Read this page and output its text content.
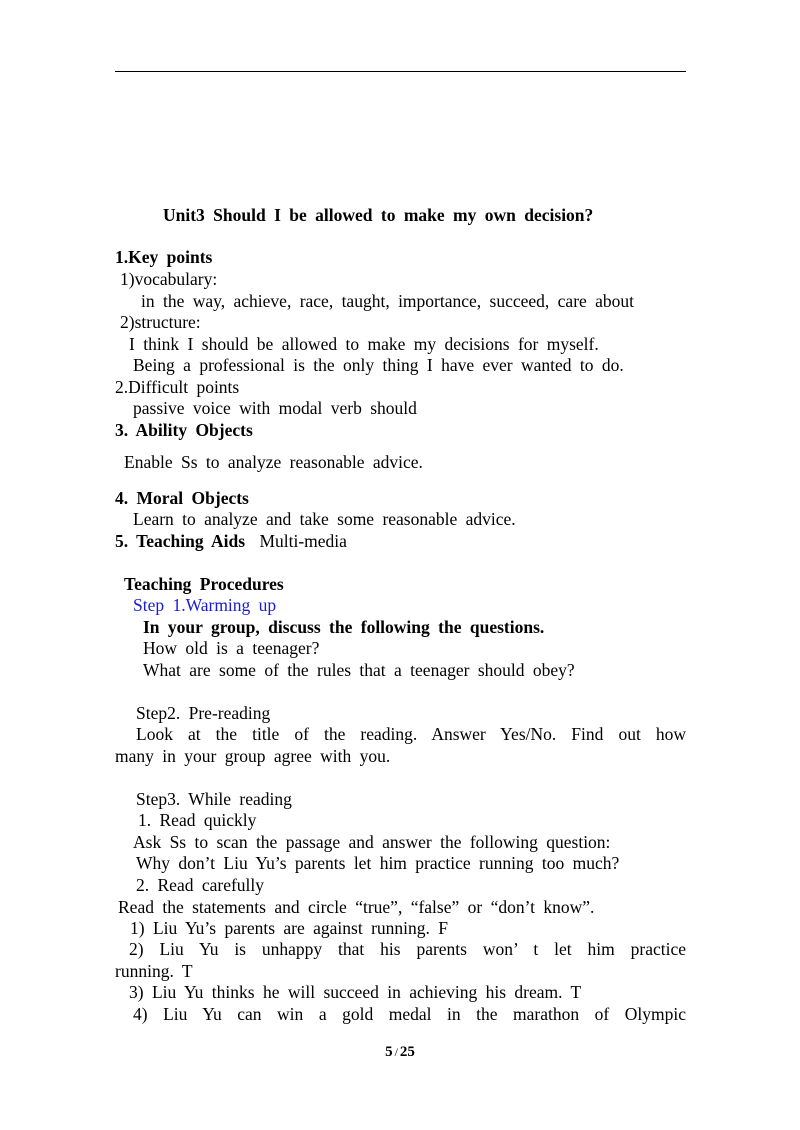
Unit3 Should I be allowed to make my own decision?
1.Key points
1)vocabulary:
in the way, achieve, race, taught, importance, succeed, care about
2)structure:
I think I should be allowed to make my decisions for myself.
Being a professional is the only thing I have ever wanted to do.
2.Difficult points
passive voice with modal verb should
3. Ability Objects
Enable Ss to analyze reasonable advice.
4. Moral Objects
Learn to analyze and take some reasonable advice.
5. Teaching Aids Multi-media
Teaching Procedures
Step 1.Warming up
In your group, discuss the following the questions.
How old is a teenager?
What are some of the rules that a teenager should obey?
Step2. Pre-reading
Look at the title of the reading. Answer Yes/No. Find out how
many in your group agree with you.
Step3. While reading
1. Read quickly
Ask Ss to scan the passage and answer the following question:
Why don’t Liu Yu’s parents let him practice running too much?
2. Read carefully
Read the statements and circle “true”, “false” or “don’t know”.
1) Liu Yu’s parents are against running. F
2) Liu Yu is unhappy that his parents won’ t let him practice
running. T
3) Liu Yu thinks he will succeed in achieving his dream. T
4) Liu Yu can win a gold medal in the marathon of Olympic
5 / 25
